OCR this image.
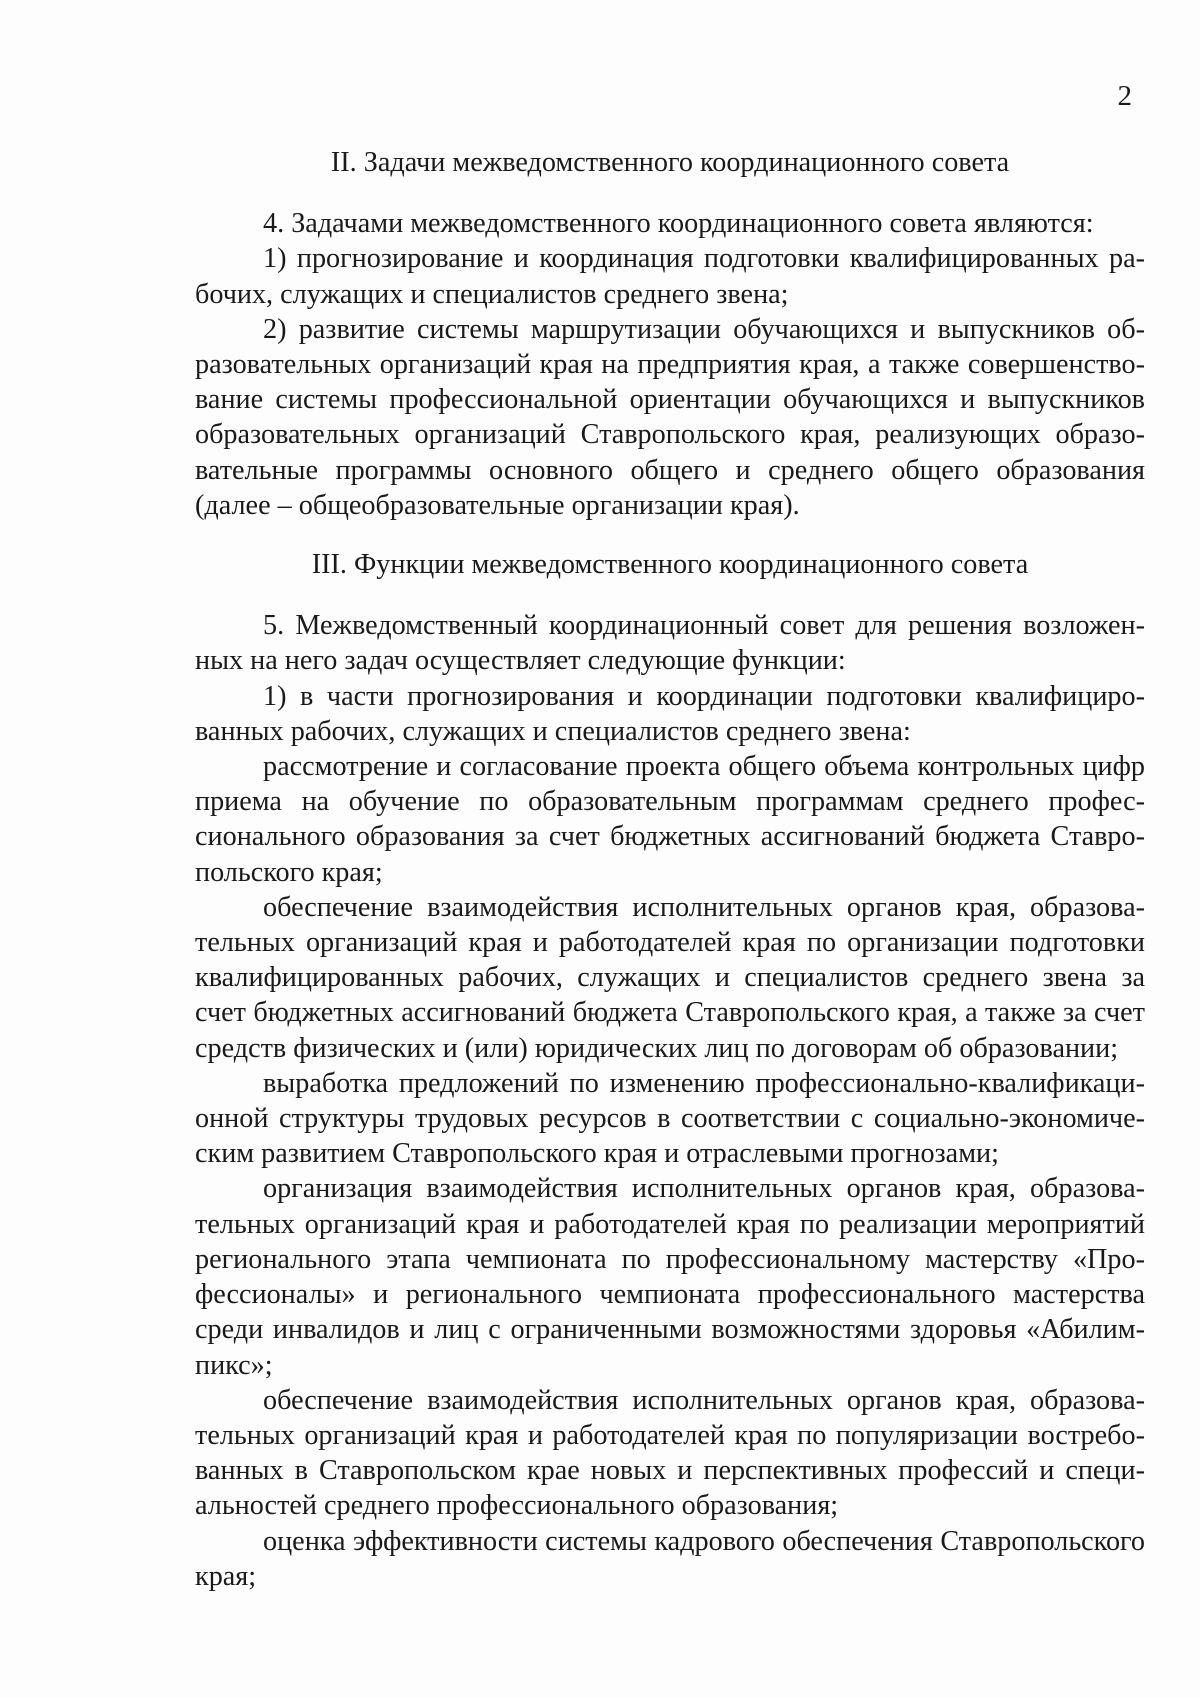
2
II. Задачи межведомственного координационного совета

4. Задачами межведомственного координационного совета являются:

1) прогнозирование и координация подготовки квалифицированных рабочих, служащих и специалистов среднего звена;

2) развитие системы маршрутизации обучающихся и выпускников образовательных организаций края на предприятия края, а также совершенствование системы профессиональной ориентации обучающихся и выпускников образовательных организаций Ставропольского края, реализующих образовательные программы основного общего и среднего общего образования (далее – общеобразовательные организации края).

III. Функции межведомственного координационного совета

5. Межведомственный координационный совет для решения возложенных на него задач осуществляет следующие функции:

1) в части прогнозирования и координации подготовки квалифицированных рабочих, служащих и специалистов среднего звена:

рассмотрение и согласование проекта общего объема контрольных цифр приема на обучение по образовательным программам среднего профессионального образования за счет бюджетных ассигнований бюджета Ставропольского края;

обеспечение взаимодействия исполнительных органов края, образовательных организаций края и работодателей края по организации подготовки квалифицированных рабочих, служащих и специалистов среднего звена за счет бюджетных ассигнований бюджета Ставропольского края, а также за счет средств физических и (или) юридических лиц по договорам об образовании;

выработка предложений по изменению профессионально-квалификационной структуры трудовых ресурсов в соответствии с социально-экономическим развитием Ставропольского края и отраслевыми прогнозами;

организация взаимодействия исполнительных органов края, образовательных организаций края и работодателей края по реализации мероприятий регионального этапа чемпионата по профессиональному мастерству «Профессионалы» и регионального чемпионата профессионального мастерства среди инвалидов и лиц с ограниченными возможностями здоровья «Абилимпикс»;

обеспечение взаимодействия исполнительных органов края, образовательных организаций края и работодателей края по популяризации востребованных в Ставропольском крае новых и перспективных профессий и специальностей среднего профессионального образования;

оценка эффективности системы кадрового обеспечения Ставропольского края;
